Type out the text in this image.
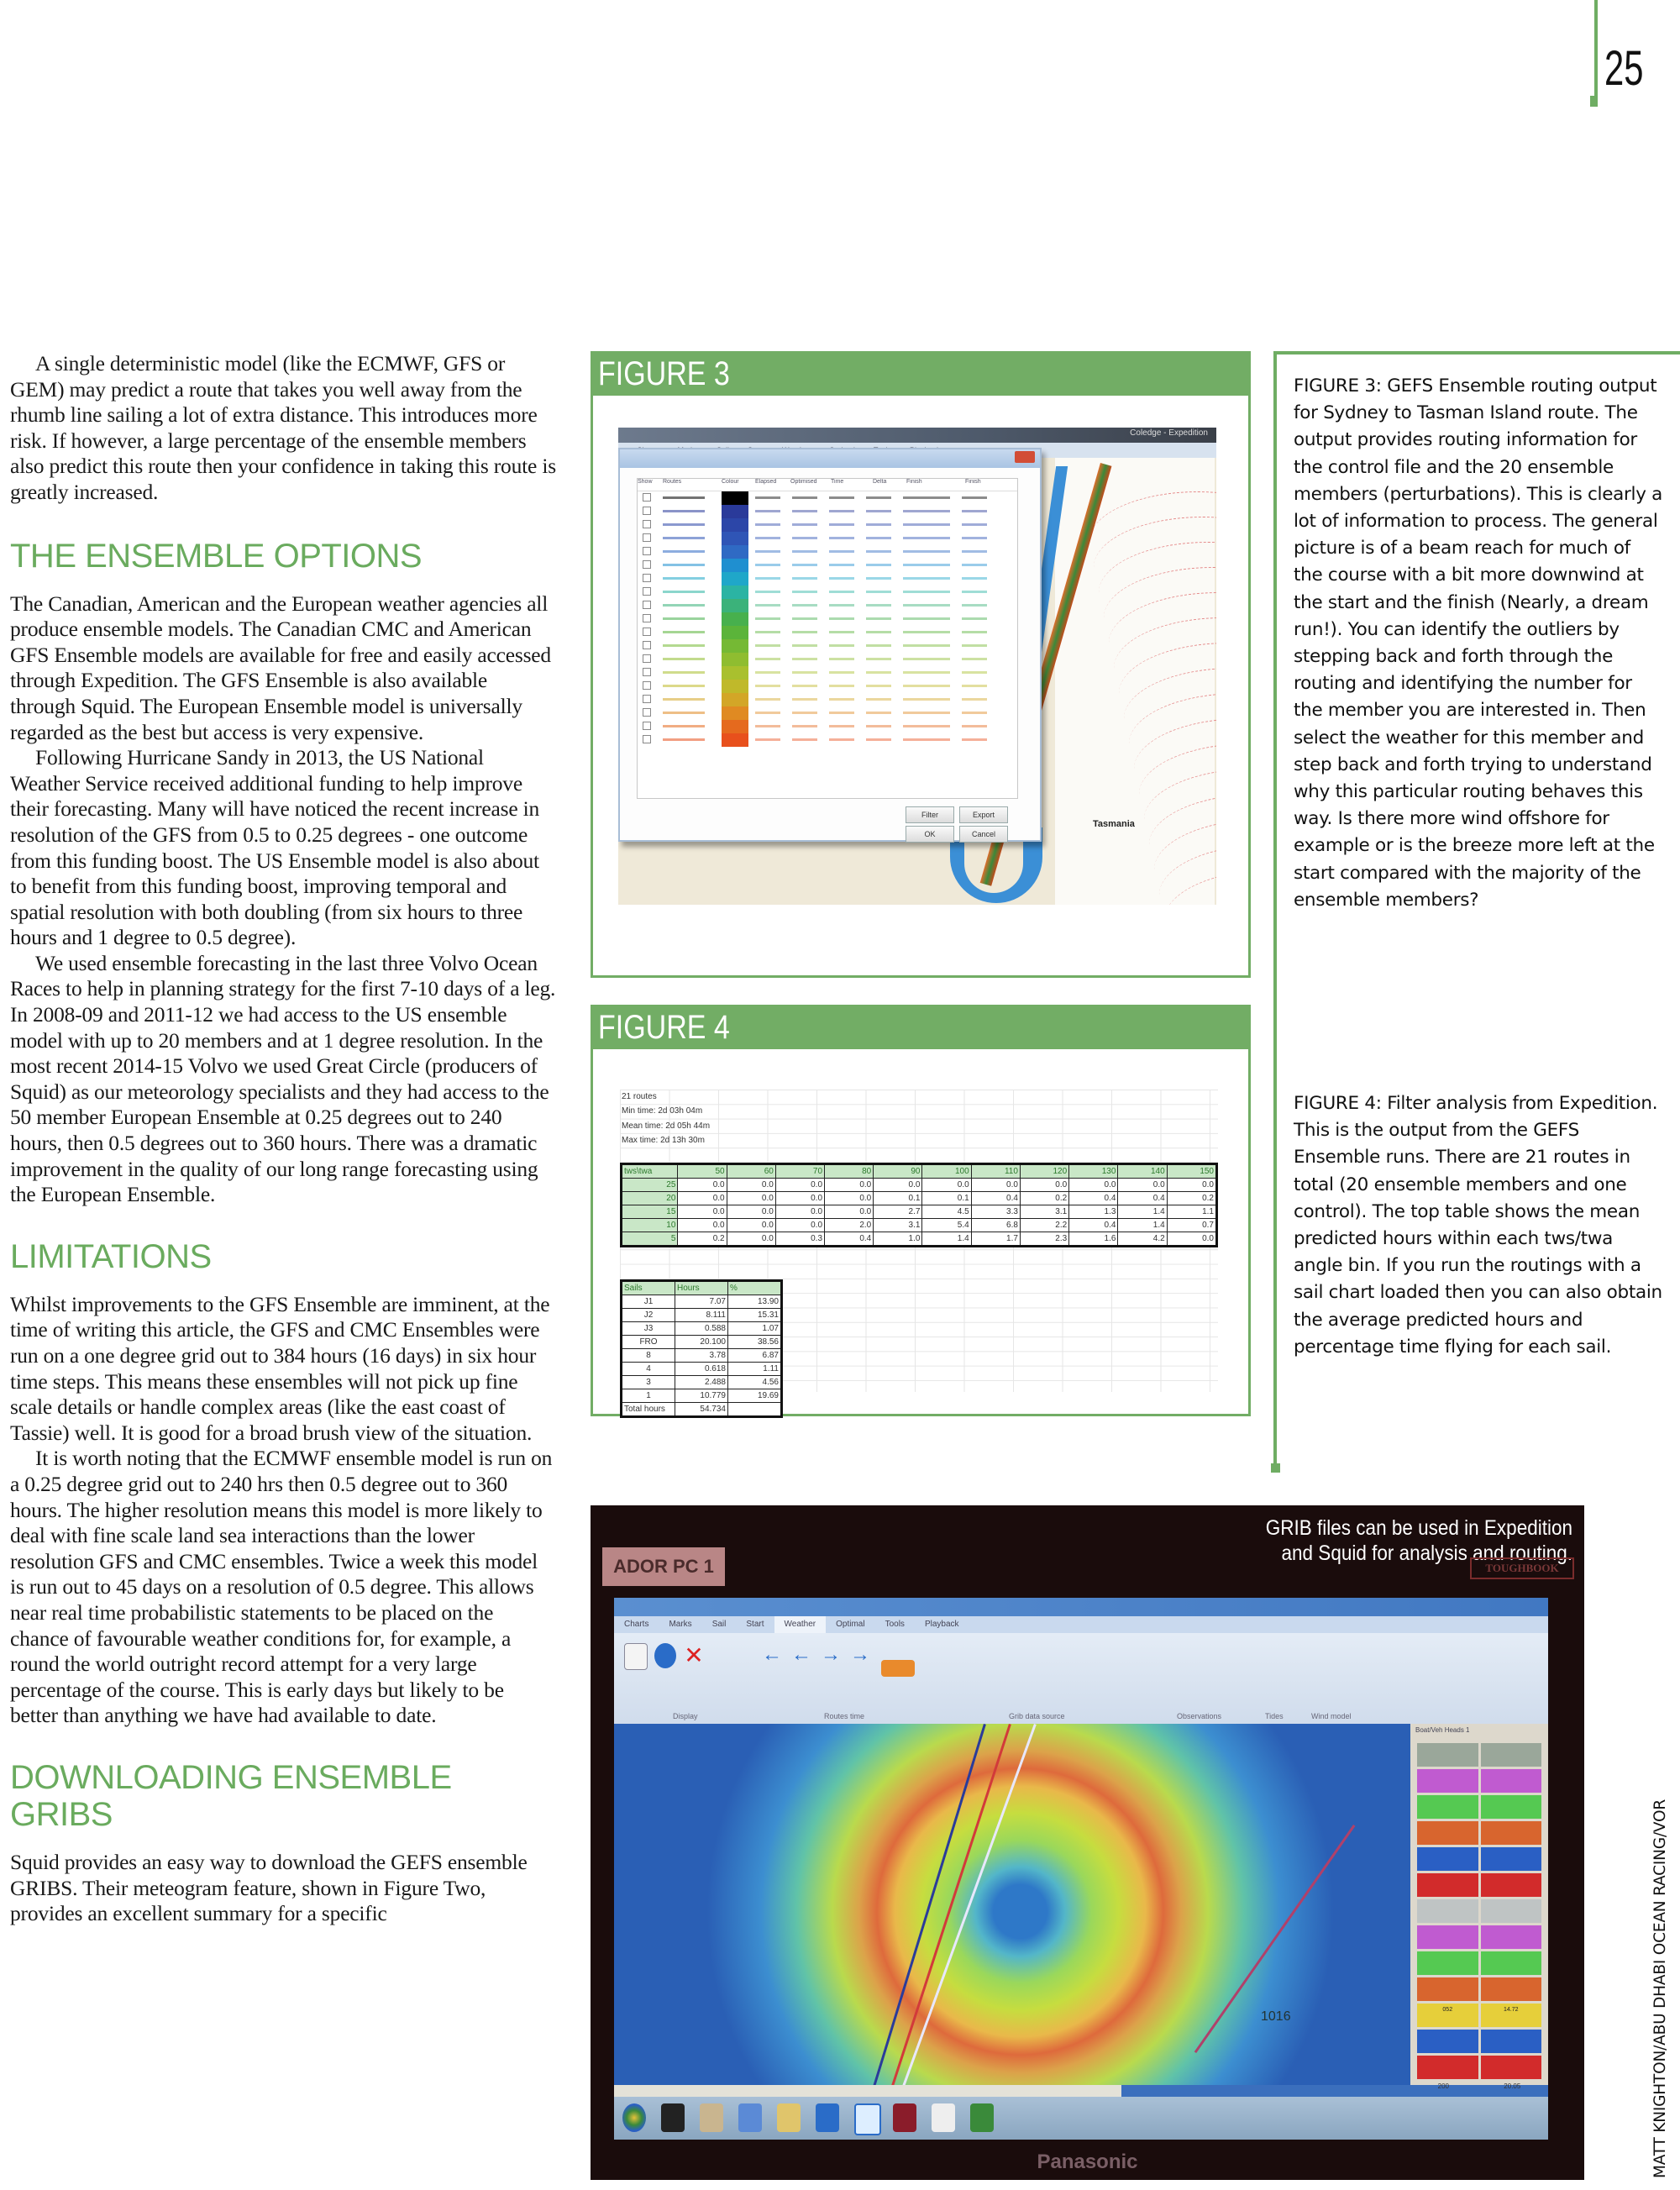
25

A single deterministic model (like the ECMWF, GFS or GEM) may predict a route that takes you well away from the rhumb line sailing a lot of extra distance. This introduces more risk. If however, a large percentage of the ensemble members also predict this route then your confidence in taking this route is greatly increased.

THE ENSEMBLE OPTIONS

The Canadian, American and the European weather agencies all produce ensemble models. The Canadian CMC and American GFS Ensemble models are available for free and easily accessed through Expedition. The GFS Ensemble is also available through Squid. The European Ensemble model is universally regarded as the best but access is very expensive.

Following Hurricane Sandy in 2013, the US National Weather Service received additional funding to help improve their forecasting. Many will have noticed the recent increase in resolution of the GFS from 0.5 to 0.25 degrees - one outcome from this funding boost. The US Ensemble model is also about to benefit from this funding boost, improving temporal and spatial resolution with both doubling (from six hours to three hours and 1 degree to 0.5 degree).

We used ensemble forecasting in the last three Volvo Ocean Races to help in planning strategy for the first 7-10 days of a leg. In 2008-09 and 2011-12 we had access to the US ensemble model with up to 20 members and at 1 degree resolution. In the most recent 2014-15 Volvo we used Great Circle (producers of Squid) as our meteorology specialists and they had access to the 50 member European Ensemble at 0.25 degrees out to 240 hours, then 0.5 degrees out to 360 hours. There was a dramatic improvement in the quality of our long range forecasting using the European Ensemble.

LIMITATIONS

Whilst improvements to the GFS Ensemble are imminent, at the time of writing this article, the GFS and CMC Ensembles were run on a one degree grid out to 384 hours (16 days) in six hour time steps. This means these ensembles will not pick up fine scale details or handle complex areas (like the east coast of Tassie) well. It is good for a broad brush view of the situation.

It is worth noting that the ECMWF ensemble model is run on a 0.25 degree grid out to 240 hrs then 0.5 degree out to 360 hours. The higher resolution means this model is more likely to deal with fine scale land sea interactions than the lower resolution GFS and CMC ensembles. Twice a week this model is run out to 45 days on a resolution of 0.5 degree. This allows near real time probabilistic statements to be placed on the chance of favourable weather conditions for, for example, a round the world outright record attempt for a very large percentage of the course. This is early days but likely to be better than anything we have had available to date.

DOWNLOADING ENSEMBLE GRIBS

Squid provides an easy way to download the GEFS ensemble GRIBS. Their meteogram feature, shown in Figure Two, provides an excellent summary for a specific

FIGURE 3
Coledge - Expedition
Tasmania
Show Routes	Colour	Elapsed Optimised Time	Delta	Finish	Finish
Filter	Export
OK	Cancel
FIGURE 4
21 routes
Min time: 2d 03h 04m
Mean time: 2d 05h 44m
Max time: 2d 13h 30m
tws\twa	50	60	70	80	90	100	110	120	130	140	150
25	0.0	0.0	0.0	0.0	0.0	0.0	0.0	0.0	0.0	0.0	0.0
20	0.0	0.0	0.0	0.0	0.1	0.1	0.4	0.2	0.4	0.4	0.2
15	0.0	0.0	0.0	0.0	2.7	4.5	3.3	3.1	1.3	1.4	1.1
10	0.0	0.0	0.0	2.0	3.1	5.4	6.8	2.2	0.4	1.4	0.7
5	0.2	0.0	0.3	0.4	1.0	1.4	1.7	2.3	1.6	4.2	0.0
Sails	Hours	%
J1	7.07	13.90
J2	8.111	15.31
J3	0.588	1.07
FRO	20.100	38.56
8	3.78	6.87
4	0.618	1.11
3	2.488	4.56
1	10.779	19.69
Total hours	54.734	
FIGURE 3: GEFS Ensemble routing output for Sydney to Tasman Island route. The output provides routing information for the control file and the 20 ensemble members (perturbations). This is clearly a lot of information to process. The general picture is of a beam reach for much of the course with a bit more downwind at the start and the finish (Nearly, a dream run!). You can identify the outliers by stepping back and forth through the routing and identifying the number for the member you are interested in. Then select the weather for this member and step back and forth trying to understand why this particular routing behaves this way. Is there more wind offshore for example or is the breeze more left at the start compared with the majority of the ensemble members?
FIGURE 4: Filter analysis from Expedition. This is the output from the GEFS Ensemble runs. There are 21 routes in total (20 ensemble members and one control). The top table shows the mean predicted hours within each tws/twa angle bin. If you run the routings with a sail chart loaded then you can also obtain the average predicted hours and percentage time flying for each sail.
ADOR PC 1
GRIB files can be used in Expedition and Squid for analysis and routing.
TOUGHBOOK
Charts Marks Sail Start Weather Optimal Tools Playback
✕	← ← → →
Display	Routes time	Grib data source	Observations	Tides	Wind model
1016
Boat/Veh Heads 1
052	14.72
200	20.05
Panasonic	MATT KNIGHTON/ABU DHABI OCEAN RACING/VOR
